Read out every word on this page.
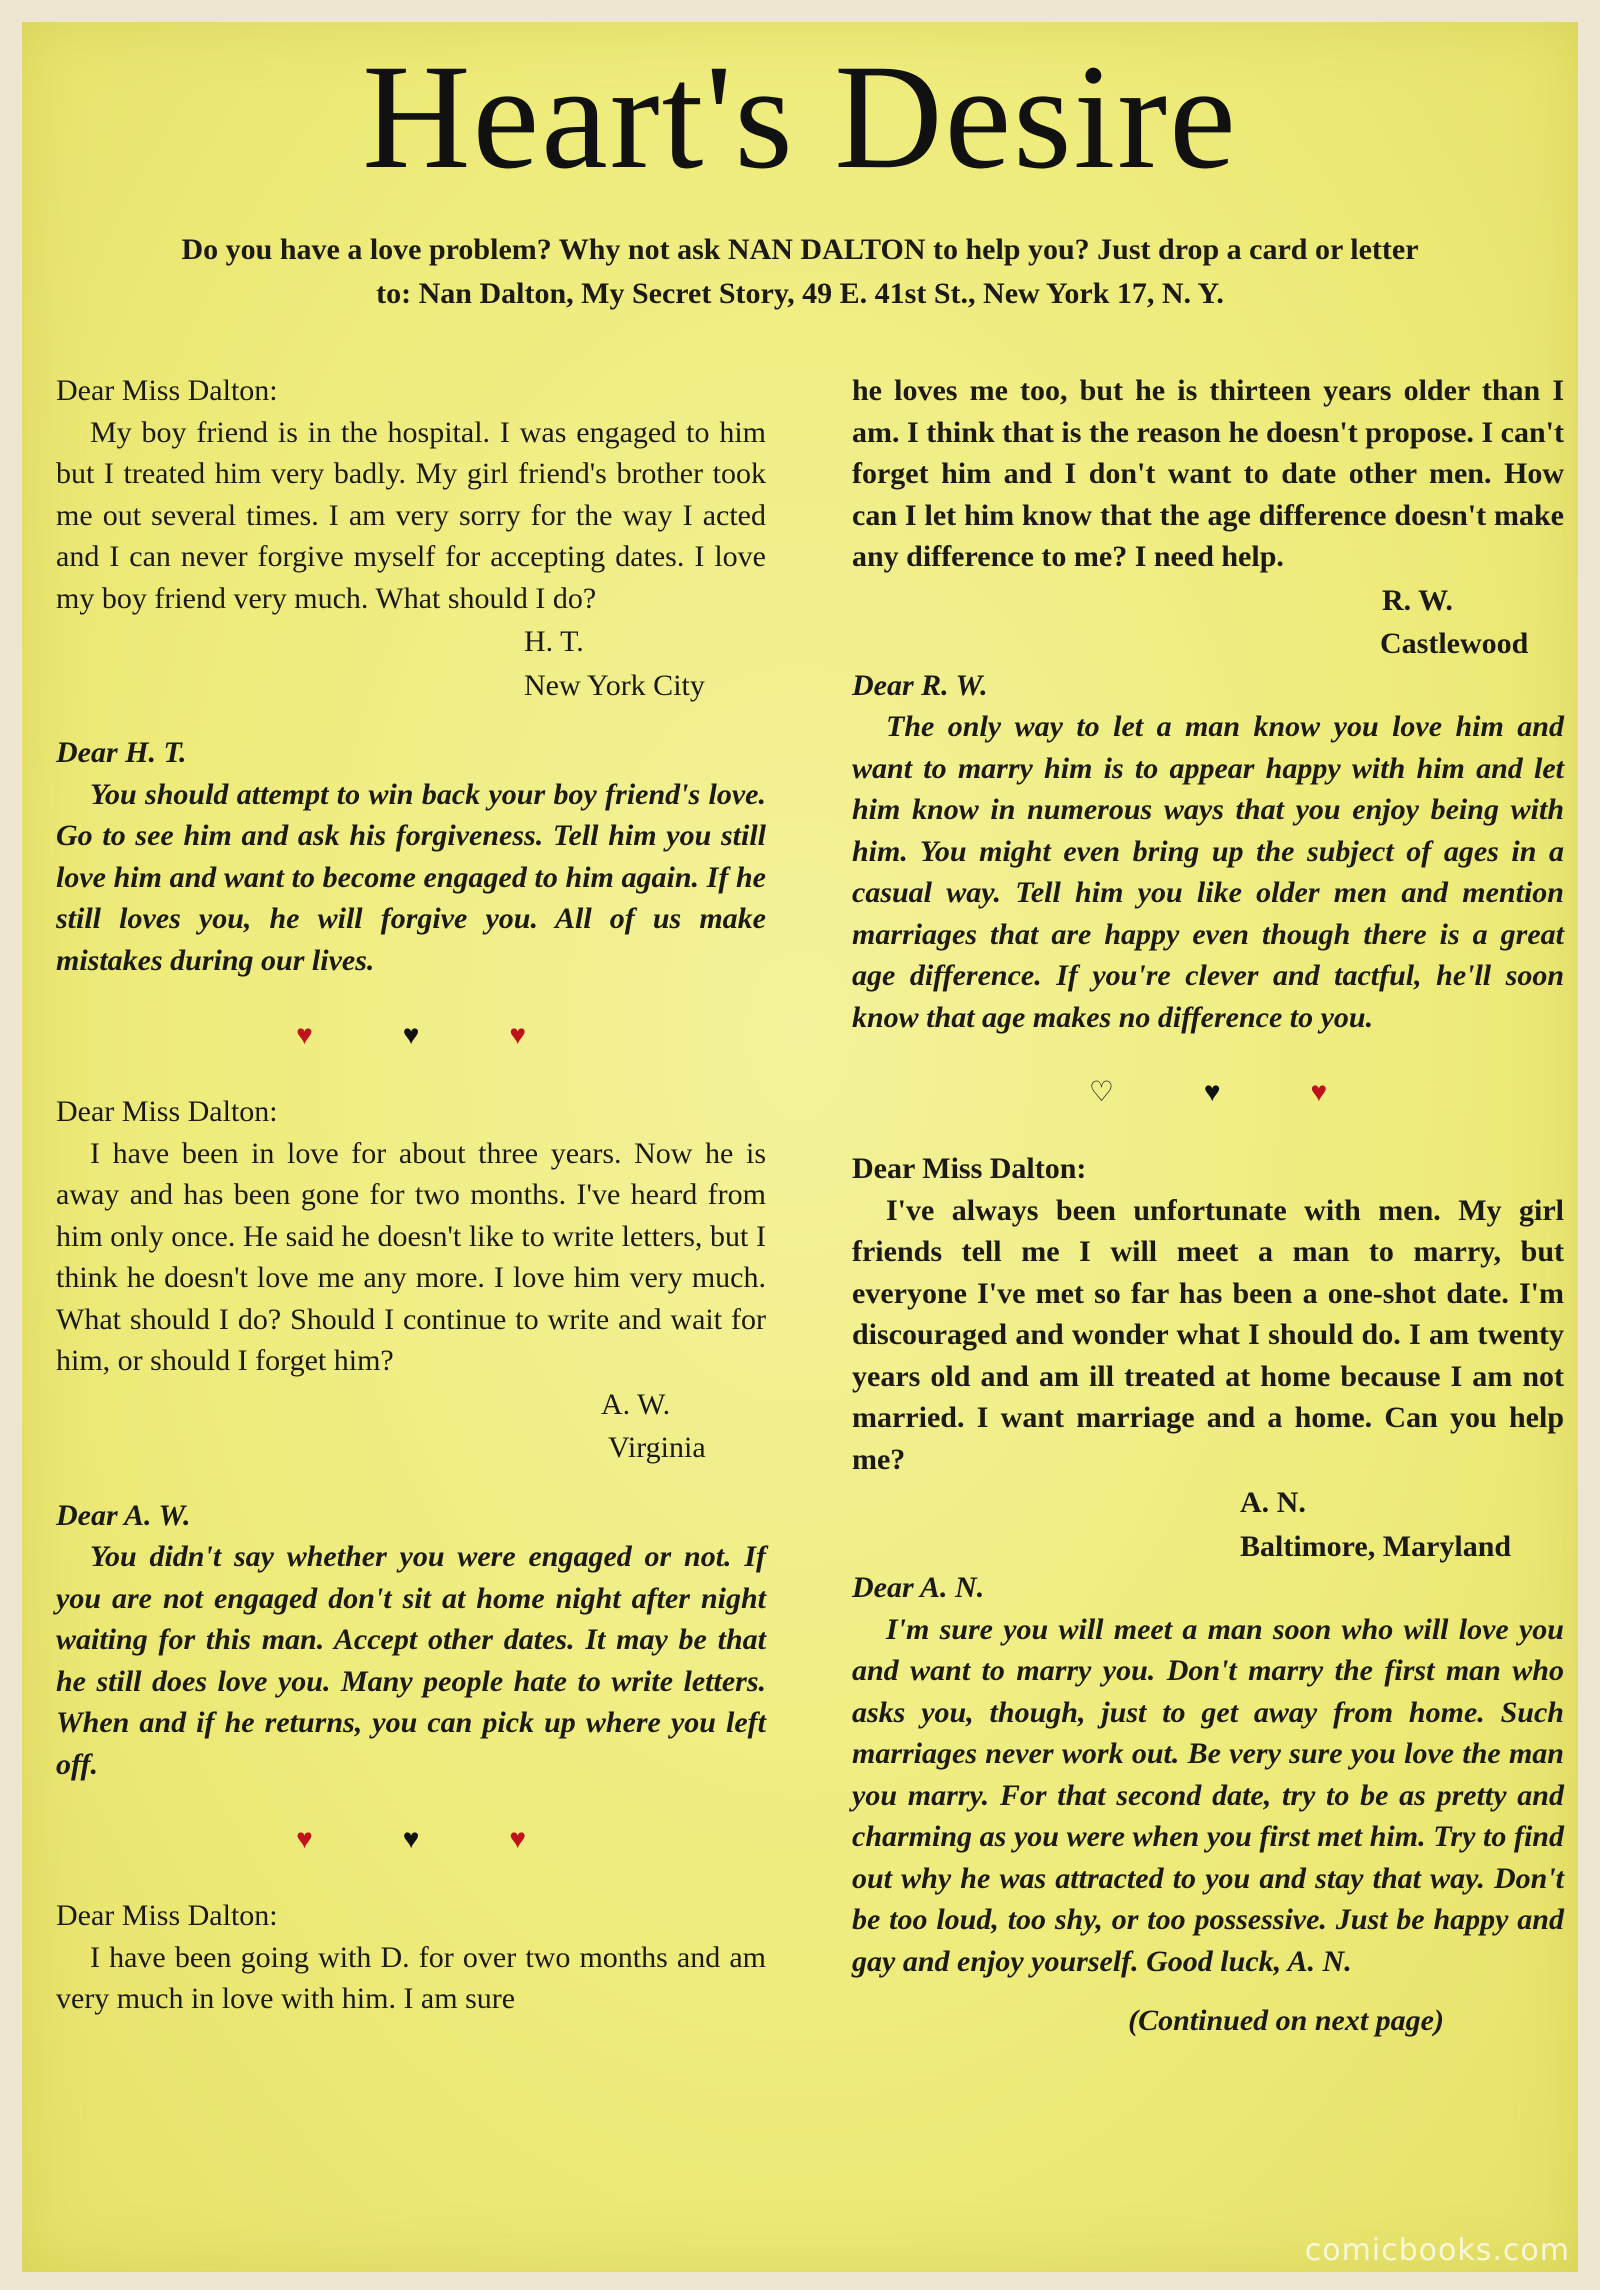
Heart's Desire
Do you have a love problem? Why not ask NAN DALTON to help you? Just drop a card or letter
to: Nan Dalton, My Secret Story, 49 E. 41st St., New York 17, N. Y.

Dear Miss Dalton:

My boy friend is in the hospital. I was engaged to him but I treated him very badly. My girl friend's brother took me out several times. I am very sorry for the way I acted and I can never forgive myself for accepting dates. I love my boy friend very much. What should I do?

H. T.

New York City

Dear H. T.

You should attempt to win back your boy friend's love. Go to see him and ask his forgiveness. Tell him you still love him and want to become engaged to him again. If he still loves you, he will forgive you. All of us make mistakes during our lives.

♥	♥	♥

Dear Miss Dalton:

I have been in love for about three years. Now he is away and has been gone for two months. I've heard from him only once. He said he doesn't like to write letters, but I think he doesn't love me any more. I love him very much. What should I do? Should I continue to write and wait for him, or should I forget him?

A. W.

Virginia

Dear A. W.

You didn't say whether you were engaged or not. If you are not engaged don't sit at home night after night waiting for this man. Accept other dates. It may be that he still does love you. Many people hate to write letters. When and if he returns, you can pick up where you left off.

♥	♥	♥

Dear Miss Dalton:

I have been going with D. for over two months and am very much in love with him. I am sure

he loves me too, but he is thirteen years older than I am. I think that is the reason he doesn't propose. I can't forget him and I don't want to date other men. How can I let him know that the age difference doesn't make any difference to me? I need help.

R. W.

Castlewood

Dear R. W.

The only way to let a man know you love him and want to marry him is to appear happy with him and let him know in numerous ways that you enjoy being with him. You might even bring up the subject of ages in a casual way. Tell him you like older men and mention marriages that are happy even though there is a great age difference. If you're clever and tactful, he'll soon know that age makes no difference to you.

♡	♥	♥

Dear Miss Dalton:

I've always been unfortunate with men. My girl friends tell me I will meet a man to marry, but everyone I've met so far has been a one-shot date. I'm discouraged and wonder what I should do. I am twenty years old and am ill treated at home because I am not married. I want marriage and a home. Can you help me?

A. N.

Baltimore, Maryland

Dear A. N.

I'm sure you will meet a man soon who will love you and want to marry you. Don't marry the first man who asks you, though, just to get away from home. Such marriages never work out. Be very sure you love the man you marry. For that second date, try to be as pretty and charming as you were when you first met him. Try to find out why he was attracted to you and stay that way. Don't be too loud, too shy, or too possessive. Just be happy and gay and enjoy yourself. Good luck, A. N.

(Continued on next page)

comicbooks.com
